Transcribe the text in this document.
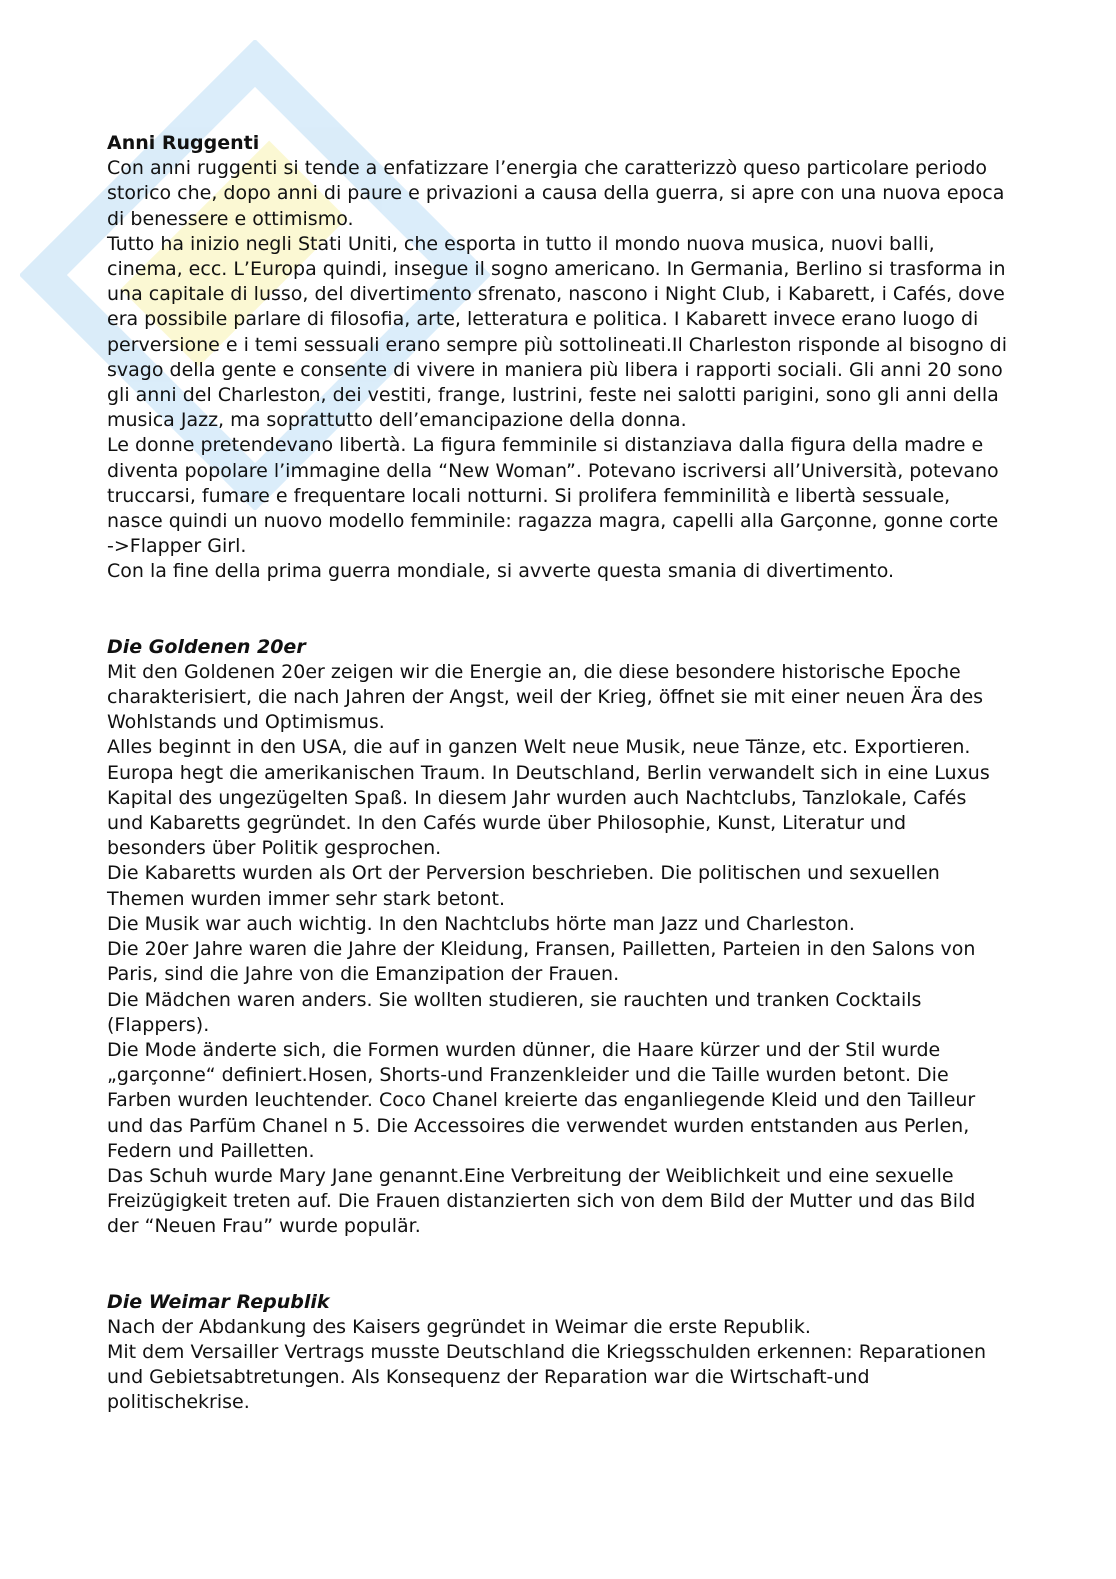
Anni Ruggenti

Con anni ruggenti si tende a enfatizzare l’energia che caratterizzò queso particolare periodo storico che, dopo anni di paure e privazioni a causa della guerra, si apre con una nuova epoca di benessere e ottimismo.

Tutto ha inizio negli Stati Uniti, che esporta in tutto il mondo nuova musica, nuovi balli, cinema, ecc. L’Europa quindi, insegue il sogno americano. In Germania, Berlino si trasforma in una capitale di lusso, del divertimento sfrenato, nascono i Night Club, i Kabarett, i Cafés, dove era possibile parlare di filosofia, arte, letteratura e politica. I Kabarett invece erano luogo di perversione e i temi sessuali erano sempre più sottolineati.Il Charleston risponde al bisogno di svago della gente e consente di vivere in maniera più libera i rapporti sociali. Gli anni 20 sono gli anni del Charleston, dei vestiti, frange, lustrini, feste nei salotti parigini, sono gli anni della musica Jazz, ma soprattutto dell’emancipazione della donna.

Le donne pretendevano libertà. La figura femminile si distanziava dalla figura della madre e diventa popolare l’immagine della “New Woman”. Potevano iscriversi all’Università, potevano truccarsi, fumare e frequentare locali notturni. Si prolifera femminilità e libertà sessuale, nasce quindi un nuovo modello femminile: ragazza magra, capelli alla Garçonne, gonne corte ->Flapper Girl.

Con la fine della prima guerra mondiale, si avverte questa smania di divertimento.

Die Goldenen 20er

Mit den Goldenen 20er zeigen wir die Energie an, die diese besondere historische Epoche charakterisiert, die nach Jahren der Angst, weil der Krieg, öffnet sie mit einer neuen Ära des Wohlstands und Optimismus.

Alles beginnt in den USA, die auf in ganzen Welt neue Musik, neue Tänze, etc. Exportieren.

Europa hegt die amerikanischen Traum. In Deutschland, Berlin verwandelt sich in eine Luxus Kapital des ungezügelten Spaß. In diesem Jahr wurden auch Nachtclubs, Tanzlokale, Cafés und Kabaretts gegründet. In den Cafés wurde über Philosophie, Kunst, Literatur und besonders über Politik gesprochen.

Die Kabaretts wurden als Ort der Perversion beschrieben. Die politischen und sexuellen Themen wurden immer sehr stark betont.

Die Musik war auch wichtig. In den Nachtclubs hörte man Jazz und Charleston.

Die 20er Jahre waren die Jahre der Kleidung, Fransen, Pailletten, Parteien in den Salons von Paris, sind die Jahre von die Emanzipation der Frauen.

Die Mädchen waren anders. Sie wollten studieren, sie rauchten und tranken Cocktails (Flappers).

Die Mode änderte sich, die Formen wurden dünner, die Haare kürzer und der Stil wurde „garçonne“ definiert.Hosen, Shorts-und Franzenkleider und die Taille wurden betont. Die Farben wurden leuchtender. Coco Chanel kreierte das enganliegende Kleid und den Tailleur und das Parfüm Chanel n 5. Die Accessoires die verwendet wurden entstanden aus Perlen, Federn und Pailletten.

Das Schuh wurde Mary Jane genannt.Eine Verbreitung der Weiblichkeit und eine sexuelle Freizügigkeit treten auf. Die Frauen distanzierten sich von dem Bild der Mutter und das Bild der “Neuen Frau” wurde populär.

Die Weimar Republik

Nach der Abdankung des Kaisers gegründet in Weimar die erste Republik.

Mit dem Versailler Vertrags musste Deutschland die Kriegsschulden erkennen: Reparationen und Gebietsabtretungen. Als Konsequenz der Reparation war die Wirtschaft-und politischekrise.
